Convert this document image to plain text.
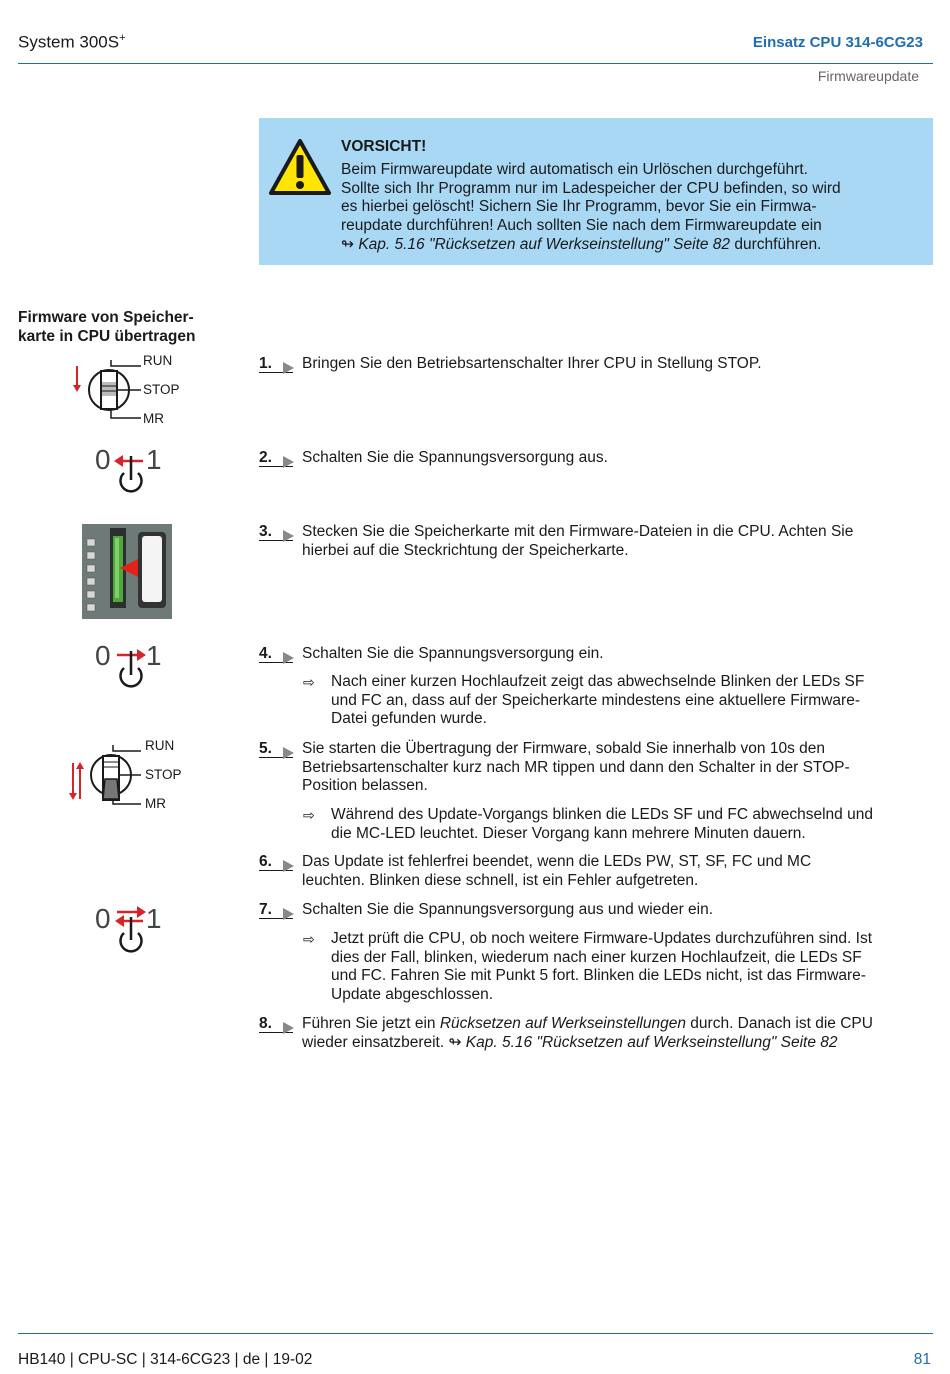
System 300S+	Einsatz CPU 314-6CG23
Firmwareupdate
VORSICHT!
Beim Firmwareupdate wird automatisch ein Urlöschen durchgeführt.
Sollte sich Ihr Programm nur im Ladespeicher der CPU befinden, so wird
es hierbei gelöscht! Sichern Sie Ihr Programm, bevor Sie ein Firmwa-
reupdate durchführen! Auch sollten Sie nach dem Firmwareupdate ein
↬ Kap. 5.16 "Rücksetzen auf Werkseinstellung" Seite 82 durchführen.
Firmware von Speicher-
karte in CPU übertragen
RUN
STOP
MR
0 1
0 1
RUN
STOP
MR
0 1
1.	Bringen Sie den Betriebsartenschalter Ihrer CPU in Stellung STOP.
2.	Schalten Sie die Spannungsversorgung aus.
3.	Stecken Sie die Speicherkarte mit den Firmware-Dateien in die CPU. Achten Sie
hierbei auf die Steckrichtung der Speicherkarte.
4.	Schalten Sie die Spannungsversorgung ein.
⇨ Nach einer kurzen Hochlaufzeit zeigt das abwechselnde Blinken der LEDs SF
und FC an, dass auf der Speicherkarte mindestens eine aktuellere Firmware-
Datei gefunden wurde.
5.	Sie starten die Übertragung der Firmware, sobald Sie innerhalb von 10s den
Betriebsartenschalter kurz nach MR tippen und dann den Schalter in der STOP-
Position belassen.
⇨ Während des Update-Vorgangs blinken die LEDs SF und FC abwechselnd und
die MC-LED leuchtet. Dieser Vorgang kann mehrere Minuten dauern.
6.	Das Update ist fehlerfrei beendet, wenn die LEDs PW, ST, SF, FC und MC
leuchten. Blinken diese schnell, ist ein Fehler aufgetreten.
7.	Schalten Sie die Spannungsversorgung aus und wieder ein.
⇨ Jetzt prüft die CPU, ob noch weitere Firmware-Updates durchzuführen sind. Ist
dies der Fall, blinken, wiederum nach einer kurzen Hochlaufzeit, die LEDs SF
und FC. Fahren Sie mit Punkt 5 fort. Blinken die LEDs nicht, ist das Firmware-
Update abgeschlossen.
8.	Führen Sie jetzt ein Rücksetzen auf Werkseinstellungen durch. Danach ist die CPU
wieder einsatzbereit. ↬ Kap. 5.16 "Rücksetzen auf Werkseinstellung" Seite 82
HB140 | CPU-SC | 314-6CG23 | de | 19-02	81
